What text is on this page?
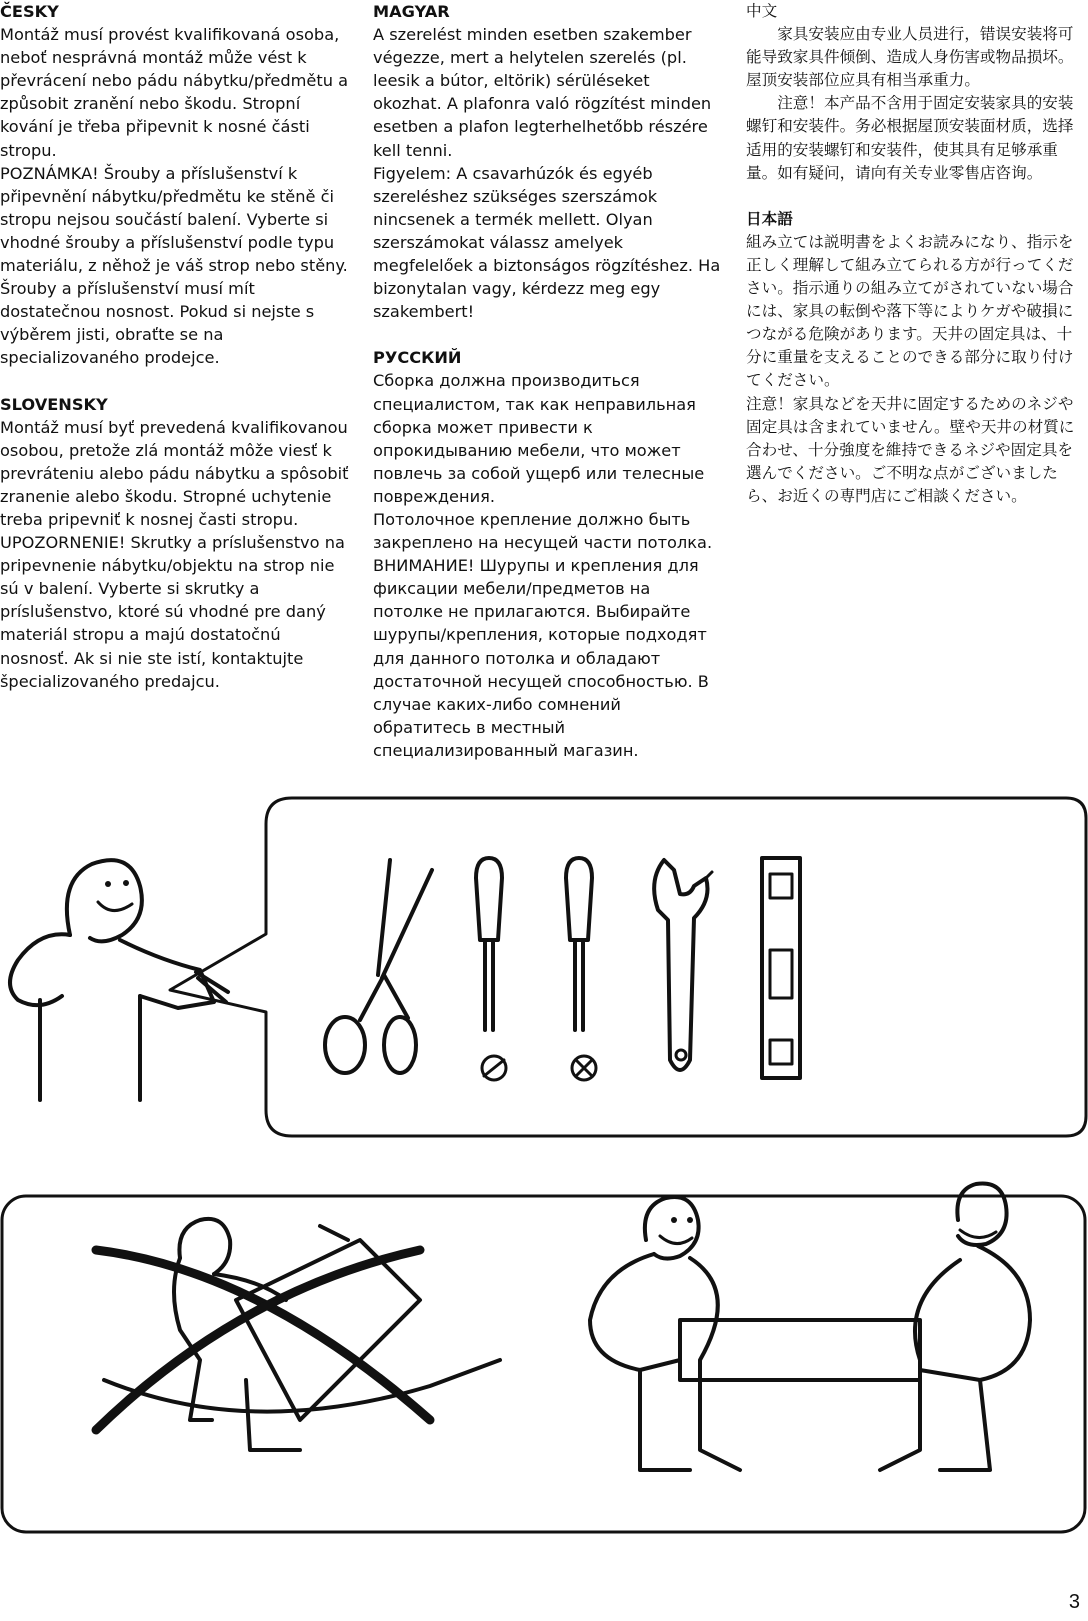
ČESKY
Montáž musí provést kvalifikovaná osoba, neboť nesprávná montáž může vést k převrácení nebo pádu nábytku/předmětu a způsobit zranění nebo škodu. Stropní kování je třeba připevnit k nosné části stropu.
POZNÁMKA! Šrouby a příslušenství k připevnění nábytku/předmětu ke stěně či stropu nejsou součástí balení. Vyberte si vhodné šrouby a příslušenství podle typu materiálu, z něhož je váš strop nebo stěny. Šrouby a příslušenství musí mít dostatečnou nosnost. Pokud si nejste s výběrem jisti, obraťte se na specializovaného prodejce.
SLOVENSKY
Montáž musí byť prevedená kvalifikovanou osobou, pretože zlá montáž môže viesť k prevráteniu alebo pádu nábytku a spôsobiť zranenie alebo škodu. Stropné uchytenie treba pripevniť k nosnej časti stropu.
UPOZORNENIE! Skrutky a príslušenstvo na pripevnenie nábytku/objektu na strop nie sú v balení. Vyberte si skrutky a príslušenstvo, ktoré sú vhodné pre daný materiál stropu a majú dostatočnú nosnosť. Ak si nie ste istí, kontaktujte špecializovaného predajcu.
MAGYAR
A szerelést minden esetben szakember végezze, mert a helytelen szerelés (pl. leesik a bútor, eltörik) sérüléseket okozhat. A plafonra való rögzítést minden esetben a plafon legterhelhetőbb részére kell tenni.
Figyelem: A csavarhúzók és egyéb szereléshez szükséges szerszámok nincsenek a termék mellett. Olyan szerszámokat válassz amelyek megfelelőek a biztonságos rögzítéshez. Ha bizonytalan vagy, kérdezz meg egy szakembert!
РУССКИЙ
Сборка должна производиться специалистом, так как неправильная сборка может привести к опрокидыванию мебели, что может повлечь за собой ущерб или телесные повреждения.
Потолочное крепление должно быть закреплено на несущей части потолка. ВНИМАНИЕ! Шурупы и крепления для фиксации мебели/предметов на потолке не прилагаются. Выбирайте шурупы/крепления, которые подходят для данного потолка и обладают достаточной несущей способностью. В случае каких-либо сомнений обратитесь в местный специализированный магазин.
中文
　　家具安装应由专业人员进行，错误安装将可能导致家具件倾倒、造成人身伤害或物品损坏。屋顶安装部位应具有相当承重力。
　　注意！本产品不含用于固定安装家具的安装螺钉和安装件。务必根据屋顶安装面材质，选择适用的安装螺钉和安装件，使其具有足够承重量。如有疑问，请向有关专业零售店咨询。
日本語
組み立ては説明書をよくお読みになり、指示を正しく理解して組み立てられる方が行ってください。指示通りの組み立てがされていない場合には、家具の転倒や落下等によりケガや破損につながる危険があります。天井の固定具は、十分に重量を支えることのできる部分に取り付けてください。
注意！家具などを天井に固定するためのネジや固定具は含まれていません。壁や天井の材質に合わせ、十分強度を維持できるネジや固定具を選んでください。ご不明な点がございましたら、お近くの専門店にご相談ください。
3
